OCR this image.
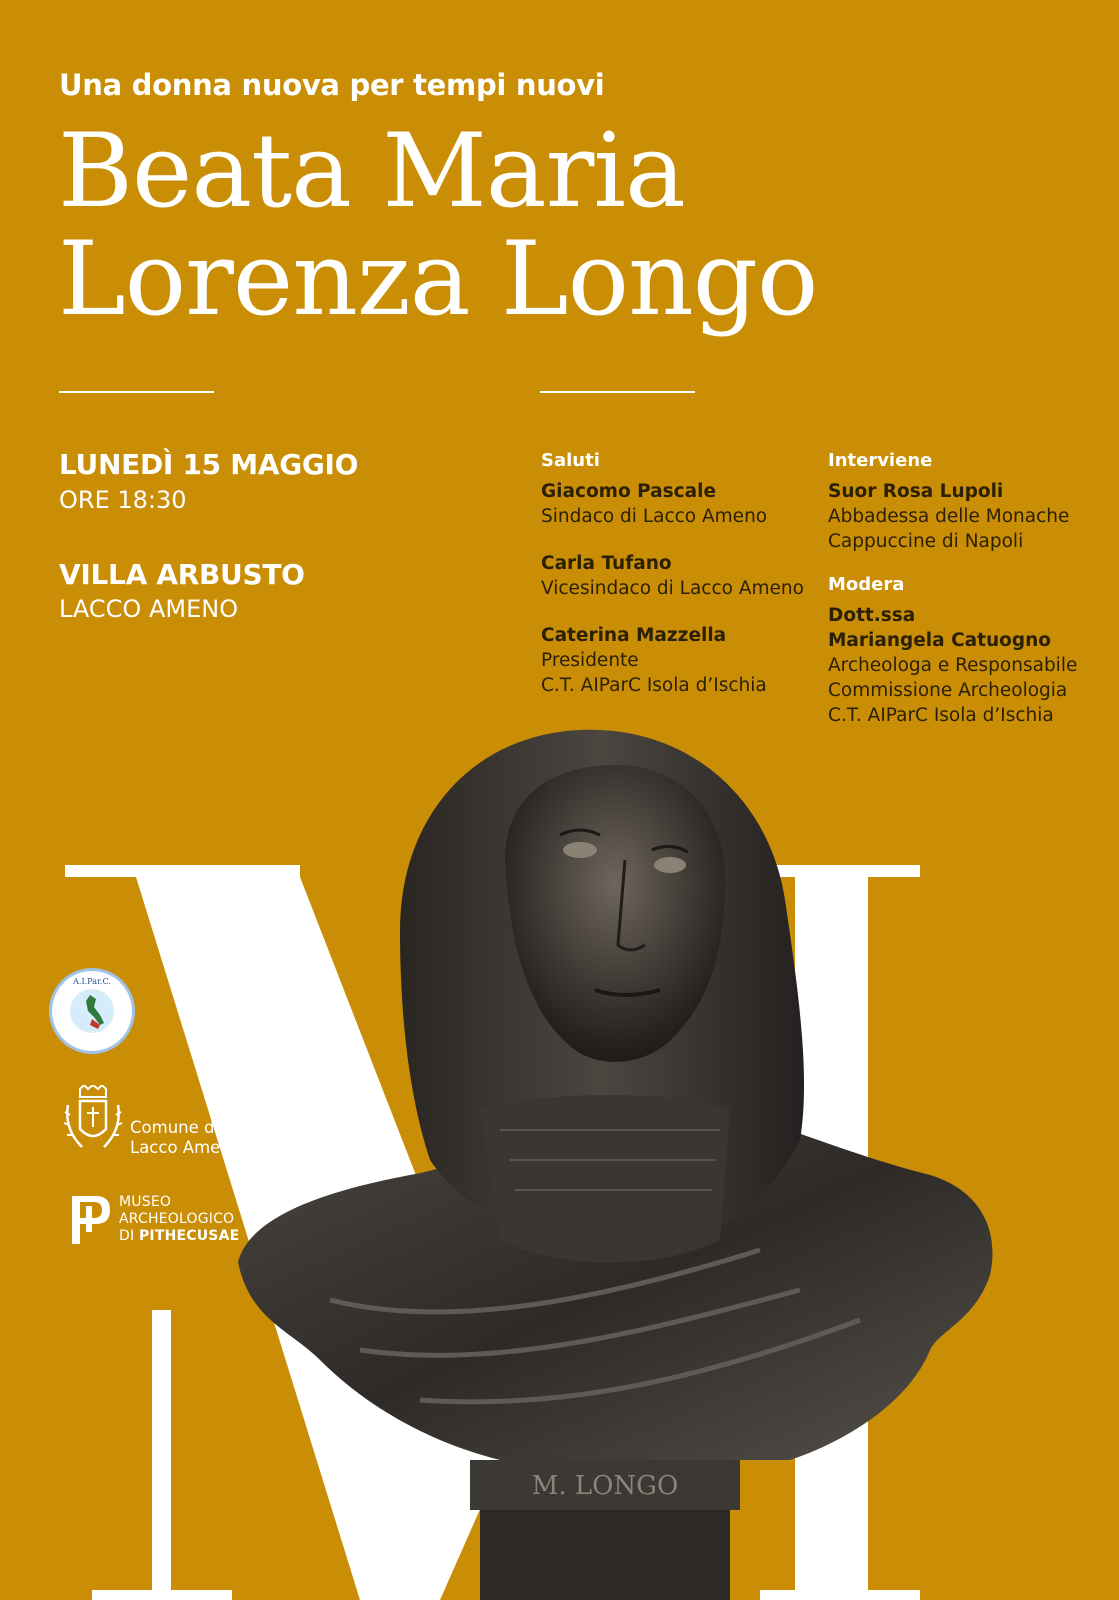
M. LONGO
Una donna nuova per tempi nuovi
Beata Maria
Lorenza Longo
LUNEDÌ 15 MAGGIO
ORE 18:30
VILLA ARBUSTO
LACCO AMENO
Saluti
Giacomo Pascale
Sindaco di Lacco Ameno
Carla Tufano
Vicesindaco di Lacco Ameno
Caterina Mazzella
Presidente
C.T. AIParC Isola d’Ischia
Interviene
Suor Rosa Lupoli
Abbadessa delle Monache
Cappuccine di Napoli
Modera
Dott.ssa
Mariangela Catuogno
Archeologa e Responsabile
Commissione Archeologia
C.T. AIParC Isola d’Ischia
A.I.Par.C.
Comune di
Lacco Ameno
MUSEO
ARCHEOLOGICO
DI PITHECUSAE
